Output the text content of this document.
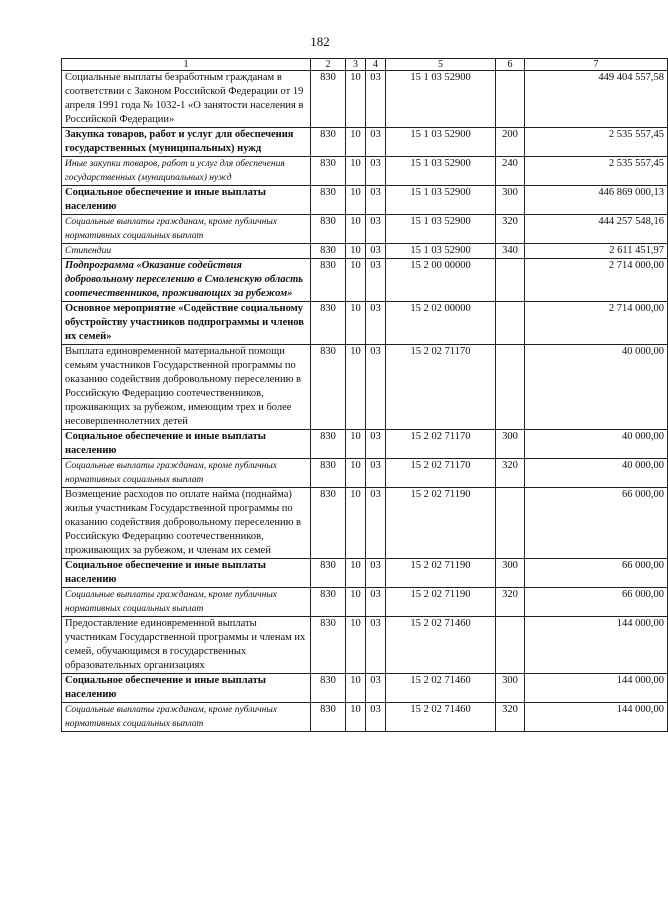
182
1	2	3	4	5	6	7
Социальные выплаты безработным гражданам в соответствии с Законом Российской Федерации от 19 апреля 1991 года № 1032-1 «О занятости населения в Российской Федерации»	830	10	03	15 1 03 52900		449 404 557,58
Закупка товаров, работ и услуг для обеспечения государственных (муниципальных) нужд	830	10	03	15 1 03 52900	200	2 535 557,45
Иные закупки товаров, работ и услуг для обеспечения государственных (муниципальных) нужд	830	10	03	15 1 03 52900	240	2 535 557,45
Социальное обеспечение и иные выплаты населению	830	10	03	15 1 03 52900	300	446 869 000,13
Социальные выплаты гражданам, кроме публичных нормативных социальных выплат	830	10	03	15 1 03 52900	320	444 257 548,16
Стипендии	830	10	03	15 1 03 52900	340	2 611 451,97
Подпрограмма «Оказание содействия добровольному переселению в Смоленскую область соотечественников, проживающих за рубежом»	830	10	03	15 2 00 00000		2 714 000,00
Основное мероприятие «Содействие социальному обустройству участников подпрограммы и членов их семей»	830	10	03	15 2 02 00000		2 714 000,00
Выплата единовременной материальной помощи семьям участников Государственной программы по оказанию содействия добровольному переселению в Российскую Федерацию соотечественников, проживающих за рубежом, имеющим трех и более несовершеннолетних детей	830	10	03	15 2 02 71170		40 000,00
Социальное обеспечение и иные выплаты населению	830	10	03	15 2 02 71170	300	40 000,00
Социальные выплаты гражданам, кроме публичных нормативных социальных выплат	830	10	03	15 2 02 71170	320	40 000,00
Возмещение расходов по оплате найма (поднайма) жилья участникам Государственной программы по оказанию содействия добровольному переселению в Российскую Федерацию соотечественников, проживающих за рубежом, и членам их семей	830	10	03	15 2 02 71190		66 000,00
Социальное обеспечение и иные выплаты населению	830	10	03	15 2 02 71190	300	66 000,00
Социальные выплаты гражданам, кроме публичных нормативных социальных выплат	830	10	03	15 2 02 71190	320	66 000,00
Предоставление единовременной выплаты участникам Государственной программы и членам их семей, обучающимся в государственных образовательных организациях	830	10	03	15 2 02 71460		144 000,00
Социальное обеспечение и иные выплаты населению	830	10	03	15 2 02 71460	300	144 000,00
Социальные выплаты гражданам, кроме публичных нормативных социальных выплат	830	10	03	15 2 02 71460	320	144 000,00
